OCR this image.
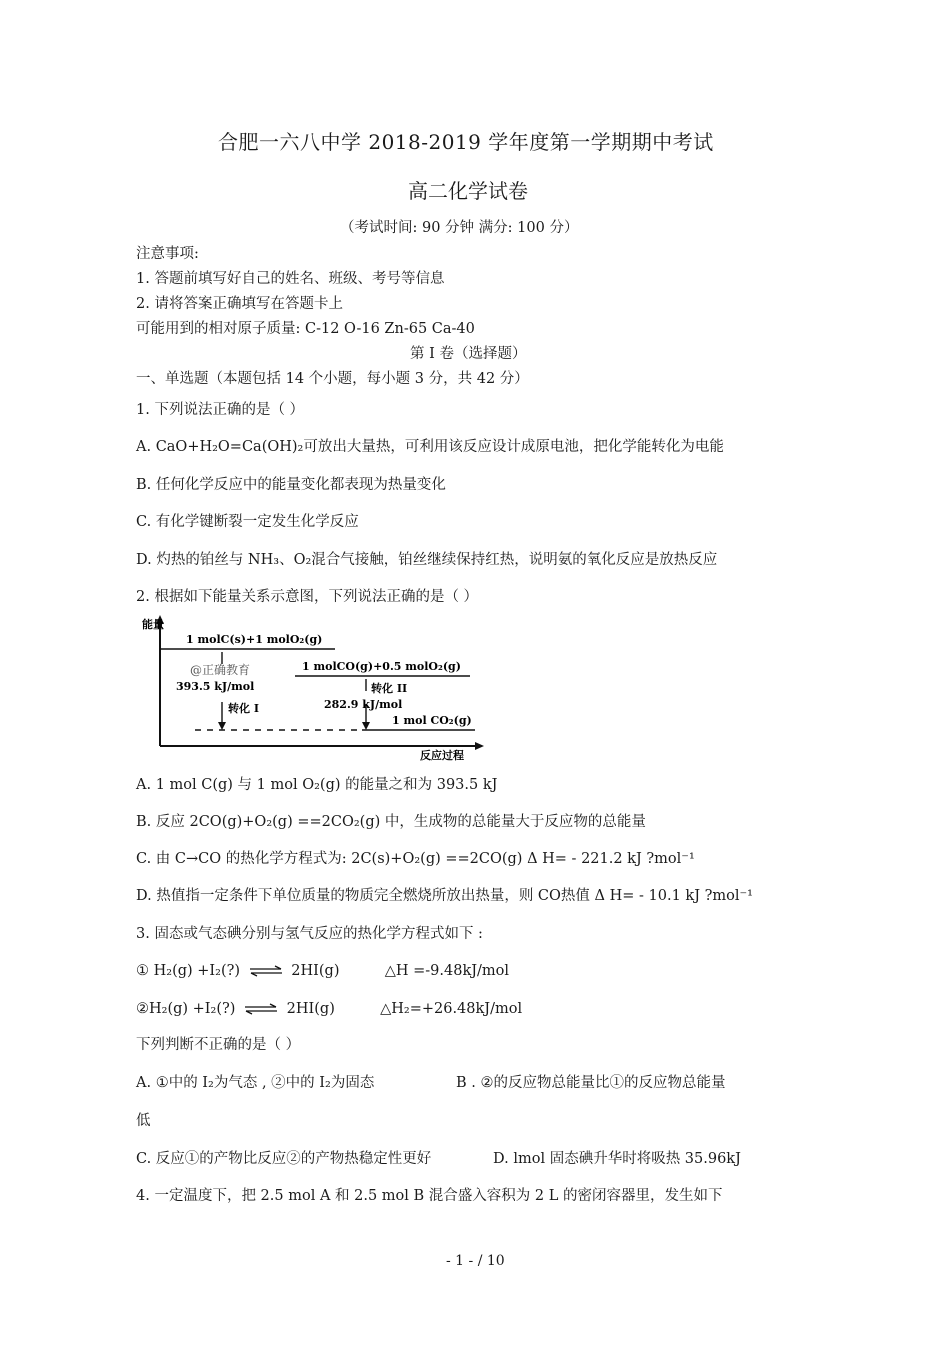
合肥一六八中学 2018-2019 学年度第一学期期中考试
高二化学试卷
（考试时间: 90 分钟 满分: 100 分）
注意事项:
1. 答题前填写好自己的姓名、班级、考号等信息
2. 请将答案正确填写在答题卡上
可能用到的相对原子质量: C-12 O-16 Zn-65 Ca-40
第 I 卷（选择题）
一、单选题（本题包括 14 个小题，每小题 3 分，共 42 分）
1. 下列说法正确的是（ ）
A. CaO+H₂O=Ca(OH)₂可放出大量热，可利用该反应设计成原电池，把化学能转化为电能
B. 任何化学反应中的能量变化都表现为热量变化
C. 有化学键断裂一定发生化学反应
D. 灼热的铂丝与 NH₃、O₂混合气接触，铂丝继续保持红热，说明氨的氧化反应是放热反应
2. 根据如下能量关系示意图，下列说法正确的是（ ）
能量
反应过程
1 molC(s)+1 molO₂(g)
1 molCO(g)+0.5 molO₂(g)
1 mol CO₂(g)
@正确教育
393.5 kJ/mol
转化 I
转化 II
282.9 kJ/mol
A. 1 mol C(g) 与 1 mol O₂(g) 的能量之和为 393.5 kJ
B. 反应 2CO(g)+O₂(g) ==2CO₂(g) 中，生成物的总能量大于反应物的总能量
C. 由 C→CO 的热化学方程式为: 2C(s)+O₂(g) ==2CO(g) Δ H= - 221.2 kJ ?mol⁻¹
D. 热值指一定条件下单位质量的物质完全燃烧所放出热量，则 CO热值 Δ H= - 10.1 kJ ?mol⁻¹
3. 固态或气态碘分别与氢气反应的热化学方程式如下 :
① H₂(g) +I₂(?) ⇌ 2HI(g)	△H =-9.48kJ/mol
②H₂(g) +I₂(?) ⇌ 2HI(g)	△H₂=+26.48kJ/mol
下列判断不正确的是（ ）
A. ①中的 I₂为气态 , ②中的 I₂为固态	B . ②的反应物总能量比①的反应物总能量
低
C. 反应①的产物比反应②的产物热稳定性更好	D. lmol 固态碘升华时将吸热 35.96kJ
4. 一定温度下，把 2.5 mol A 和 2.5 mol B 混合盛入容积为 2 L 的密闭容器里，发生如下
- 1 - / 10
